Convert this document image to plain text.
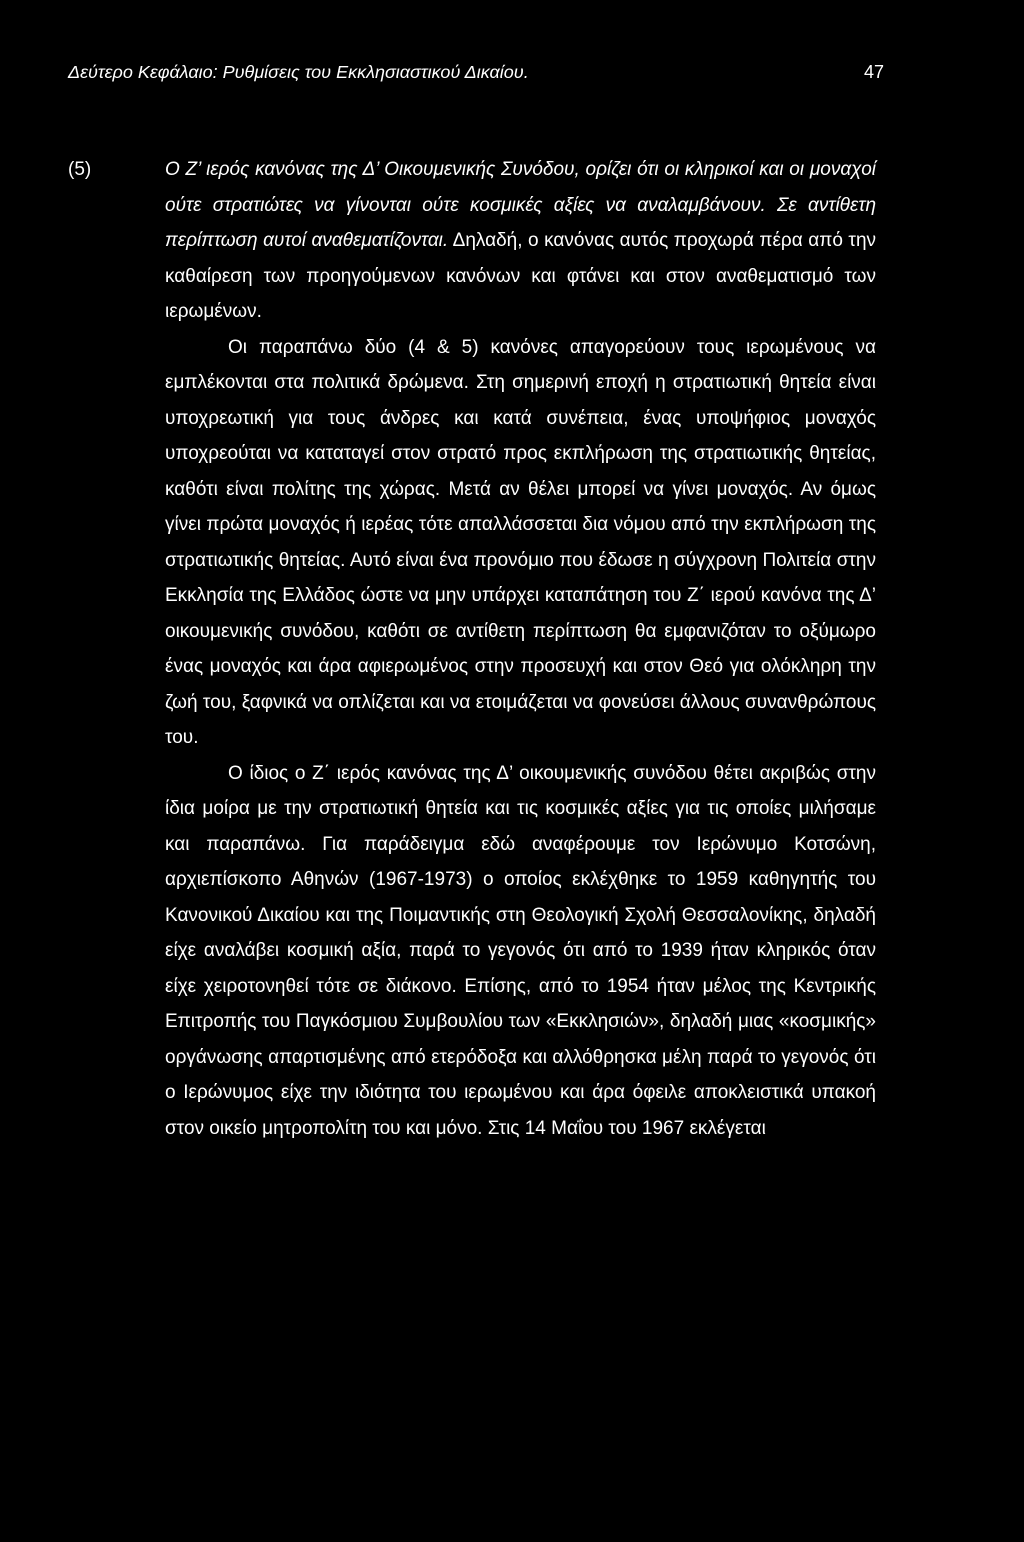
Δεύτερο Κεφάλαιο: Ρυθμίσεις του Εκκλησιαστικού Δικαίου.	47

(5)	Ο Ζ’ ιερός κανόνας της Δ’ Οικουμενικής Συνόδου, ορίζει ότι οι κληρικοί και οι μοναχοί ούτε στρατιώτες να γίνονται ούτε κοσμικές αξίες να αναλαμβάνουν. Σε αντίθετη περίπτωση αυτοί αναθεματίζονται. Δηλαδή, ο κανόνας αυτός προχωρά πέρα από την καθαίρεση των προηγούμενων κανόνων και φτάνει και στον αναθεματισμό των ιερωμένων.

Οι παραπάνω δύο (4 & 5) κανόνες απαγορεύουν τους ιερωμένους να εμπλέκονται στα πολιτικά δρώμενα. Στη σημερινή εποχή η στρατιωτική θητεία είναι υποχρεωτική για τους άνδρες και κατά συνέπεια, ένας υποψήφιος μοναχός υποχρεούται να καταταγεί στον στρατό προς εκπλήρωση της στρατιωτικής θητείας, καθότι είναι πολίτης της χώρας. Μετά αν θέλει μπορεί να γίνει μοναχός. Αν όμως γίνει πρώτα μοναχός ή ιερέας τότε απαλλάσσεται δια νόμου από την εκπλήρωση της στρατιωτικής θητείας. Αυτό είναι ένα προνόμιο που έδωσε η σύγχρονη Πολιτεία στην Εκκλησία της Ελλάδος ώστε να μην υπάρχει καταπάτηση του Ζ΄ ιερού κανόνα της Δ’ οικουμενικής συνόδου, καθότι σε αντίθετη περίπτωση θα εμφανιζόταν το οξύμωρο ένας μοναχός και άρα αφιερωμένος στην προσευχή και στον Θεό για ολόκληρη την ζωή του, ξαφνικά να οπλίζεται και να ετοιμάζεται να φονεύσει άλλους συνανθρώπους του.

Ο ίδιος ο Ζ΄ ιερός κανόνας της Δ’ οικουμενικής συνόδου θέτει ακριβώς στην ίδια μοίρα με την στρατιωτική θητεία και τις κοσμικές αξίες για τις οποίες μιλήσαμε και παραπάνω. Για παράδειγμα εδώ αναφέρουμε τον Ιερώνυμο Κοτσώνη, αρχιεπίσκοπο Αθηνών (1967-1973) ο οποίος εκλέχθηκε το 1959 καθηγητής του Κανονικού Δικαίου και της Ποιμαντικής στη Θεολογική Σχολή Θεσσαλονίκης, δηλαδή είχε αναλάβει κοσμική αξία, παρά το γεγονός ότι από το 1939 ήταν κληρικός όταν είχε χειροτονηθεί τότε σε διάκονο. Επίσης, από το 1954 ήταν μέλος της Κεντρικής Επιτροπής του Παγκόσμιου Συμβουλίου των «Εκκλησιών», δηλαδή μιας «κοσμικής» οργάνωσης απαρτισμένης από ετερόδοξα και αλλόθρησκα μέλη παρά το γεγονός ότι ο Ιερώνυμος είχε την ιδιότητα του ιερωμένου και άρα όφειλε αποκλειστικά υπακοή στον οικείο μητροπολίτη του και μόνο. Στις 14 Μαΐου του 1967 εκλέγεται
